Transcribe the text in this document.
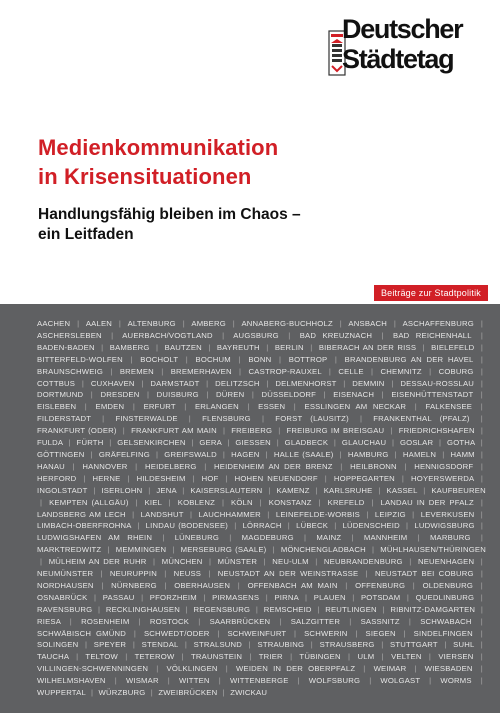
Deutscher
Städtetag
Medienkommunikation
in Krisensituationen
Handlungsfähig bleiben im Chaos –
ein Leitfaden
Beiträge zur Stadtpolitik

AACHEN | AALEN | ALTENBURG | AMBERG | ANNABERG-BUCHHOLZ | ANSBACH | ASCHAFFENBURG | ASCHERSLEBEN | AUERBACH/VOGTLAND | AUGSBURG | BAD KREUZNACH | BAD REICHENHALL | BADEN-BADEN | BAMBERG | BAUTZEN | BAYREUTH | BERLIN | BIBERACH AN DER RISS | BIELEFELD | BITTERFELD-WOLFEN | BOCHOLT | BOCHUM | BONN | BOTTROP | BRANDENBURG AN DER HAVEL | BRAUNSCHWEIG | BREMEN | BREMERHAVEN | CASTROP-RAUXEL | CELLE | CHEMNITZ | COBURG | COTTBUS | CUXHAVEN | DARMSTADT | DELITZSCH | DELMENHORST | DEMMIN | DESSAU-ROSSLAU | DORTMUND | DRESDEN | DUISBURG | DÜREN | DÜSSELDORF | EISENACH | EISENHÜTTENSTADT | EISLEBEN | EMDEN | ERFURT | ERLANGEN | ESSEN | ESSLINGEN AM NECKAR | FALKENSEE | FILDERSTADT | FINSTERWALDE | FLENSBURG | FORST (LAUSITZ) | FRANKENTHAL (PFALZ) | FRANKFURT (ODER) | FRANKFURT AM MAIN | FREIBERG | FREIBURG IM BREISGAU | FRIEDRICHSHAFEN | FULDA | FÜRTH | GELSENKIRCHEN | GERA | GIESSEN | GLADBECK | GLAUCHAU | GOSLAR | GOTHA | GÖTTINGEN | GRÄFELFING | GREIFSWALD | HAGEN | HALLE (SAALE) | HAMBURG | HAMELN | HAMM | HANAU | HANNOVER | HEIDELBERG | HEIDENHEIM AN DER BRENZ | HEILBRONN | HENNIGSDORF | HERFORD | HERNE | HILDESHEIM | HOF | HOHEN NEUENDORF | HOPPEGARTEN | HOYERSWERDA | INGOLSTADT | ISERLOHN | JENA | KAISERSLAUTERN | KAMENZ | KARLSRUHE | KASSEL | KAUFBEUREN | KEMPTEN (ALLGÄU) | KIEL | KOBLENZ | KÖLN | KONSTANZ | KREFELD | LANDAU IN DER PFALZ | LANDSBERG AM LECH | LANDSHUT | LAUCHHAMMER | LEINEFELDE-WORBIS | LEIPZIG | LEVERKUSEN | LIMBACH-OBERFROHNA | LINDAU (BODENSEE) | LÖRRACH | LÜBECK | LÜDENSCHEID | LUDWIGSBURG | LUDWIGSHAFEN AM RHEIN | LÜNEBURG | MAGDEBURG | MAINZ | MANNHEIM | MARBURG | MARKTREDWITZ | MEMMINGEN | MERSEBURG (SAALE) | MÖNCHENGLADBACH | MÜHLHAUSEN/THÜRINGEN | MÜLHEIM AN DER RUHR | MÜNCHEN | MÜNSTER | NEU-ULM | NEUBRANDENBURG | NEUENHAGEN | NEUMÜNSTER | NEURUPPIN | NEUSS | NEUSTADT AN DER WEINSTRASSE | NEUSTADT BEI COBURG | NORDHAUSEN | NÜRNBERG | OBERHAUSEN | OFFENBACH AM MAIN | OFFENBURG | OLDENBURG | OSNABRÜCK | PASSAU | PFORZHEIM | PIRMASENS | PIRNA | PLAUEN | POTSDAM | QUEDLINBURG | RAVENSBURG | RECKLINGHAUSEN | REGENSBURG | REMSCHEID | REUTLINGEN | RIBNITZ-DAMGARTEN | RIESA | ROSENHEIM | ROSTOCK | SAARBRÜCKEN | SALZGITTER | SASSNITZ | SCHWABACH | SCHWÄBISCH GMÜND | SCHWEDT/ODER | SCHWEINFURT | SCHWERIN | SIEGEN | SINDELFINGEN | SOLINGEN | SPEYER | STENDAL | STRALSUND | STRAUBING | STRAUSBERG | STUTTGART | SUHL | TAUCHA | TELTOW | TETEROW | TRAUNSTEIN | TRIER | TÜBINGEN | ULM | VELTEN | VIERSEN | VILLINGEN-SCHWENNINGEN | VÖLKLINGEN | WEIDEN IN DER OBERPFALZ | WEIMAR | WIESBADEN | WILHELMSHAVEN | WISMAR | WITTEN | WITTENBERGE | WOLFSBURG | WOLGAST | WORMS | WUPPERTAL | WÜRZBURG | ZWEIBRÜCKEN | ZWICKAU
